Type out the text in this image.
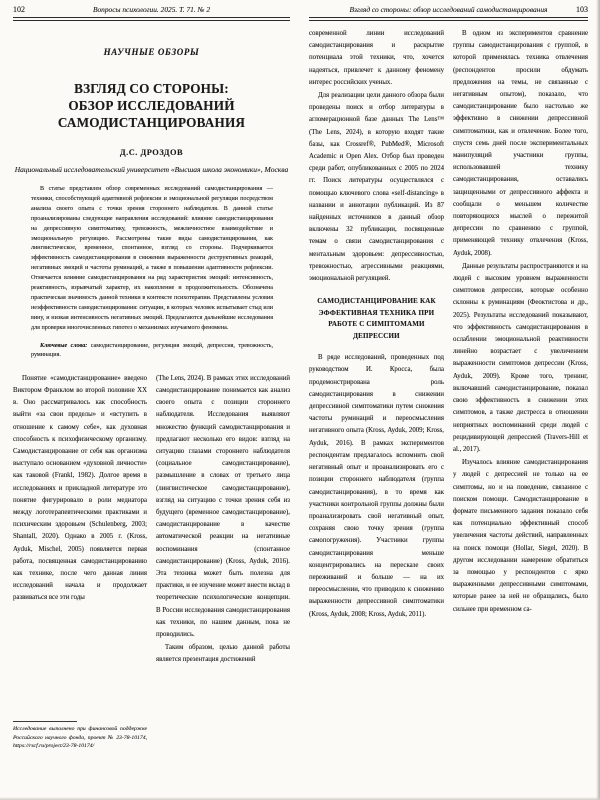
102	Вопросы психологии. 2025. Т. 71. № 2
НАУЧНЫЕ ОБЗОРЫ
ВЗГЛЯД СО СТОРОНЫ:
ОБЗОР ИССЛЕДОВАНИЙ САМОДИСТАНЦИРОВАНИЯ
Д.С. ДРОЗДОВ
Национальный исследовательский университет «Высшая школа экономики», Москва
В статье представлен обзор современных исследований самодистанцирования — техники, способствующей адаптивной рефлексии и эмоциональной регуляции посредством анализа своего опыта с точки зрения стороннего наблюдателя. В данной статье проанализированы следующие направления исследований: влияние самодистанцирования на депрессивную симптоматику, тревожность, межличностное взаимодействие и эмоциональную регуляцию. Рассмотрены такие виды самодистанцирования, как лингвистическое, временное, спонтанное, взгляд со стороны. Подчеркивается эффективность самодистанцирования в снижении выраженности деструктивных реакций, негативных эмоций и частоты руминаций, а также в повышении адаптивности рефлексии. Отмечается влияние самодистанцирования на ряд характеристик эмоций: интенсивность, реактивность, взрывчатый характер, их накопление и продолжительность. Обозначена практическая значимость данной техники в контексте психотерапии. Представлены условия неэффективности самодистанцирования: ситуации, в которых человек испытывает стыд или вину, и низкая интенсивность негативных эмоций. Предлагаются дальнейшие исследования для проверки многочисленных гипотез о механизмах изучаемого феномена.
Ключевые слова: самодистанцирование, регуляция эмоций, депрессия, тревожность, руминация.

Понятие «самодистанцирование» введено Виктором Франклом во второй половине XX в. Оно рассматривалось как способность выйти «за свои пределы» и «вступить в отношение к самому себе», как духовная способность к психофизическому организму. Самодистанцирование от себя как организма выступало основанием «духовной личности» как таковой (Frankl, 1982). Долгое время в исследованиях и прикладной литературе это понятие фигурировало в роли медиатора между логотерапевтическими практиками и психическим здоровьем (Schulenberg, 2003; Shantall, 2020). Однако в 2005 г. (Kross, Ayduk, Mischel, 2005) появляется первая работа, посвященная самодистанцированию как технике, после чего данная линия исследований начала и продолжает развиваться все эти годы

Исследование выполнено при финансовой поддержке Российского научного фонда, проект № 23-78-10174, https://rscf.ru/project/23-78-10174/

(The Lens, 2024). В рамках этих исследований самодистанцирование понимается как анализ своего опыта с позиции стороннего наблюдателя. Исследования выявляют множество функций самодистанцирования и предлагают несколько его видов: взгляд на ситуацию глазами стороннего наблюдателя (социальное самодистанцирование), размышление в словах от третьего лица (лингвистическое самодистанцирование), взгляд на ситуацию с точки зрения себя из будущего (временное самодистанцирование), самодистанцирование в качестве автоматической реакции на негативные воспоминания (спонтанное самодистанцирование) (Kross, Ayduk, 2016). Эта техника может быть полезна для практики, и ее изучение может внести вклад в теоретические психологические концепции. В России исследования самодистанцирования как техники, по нашим данным, пока не проводились.

Таким образом, целью данной работы является презентация достижений

Взгляд со стороны: обзор исследований самодистанцирования	103

современной линии исследований самодистанцирования и раскрытие потенциала этой техники, что, хочется надеяться, привлечет к данному феномену интерес российских ученых.

Для реализации цели данного обзора были проведены поиск и отбор литературы в агломерационной базе данных The Lens™ (The Lens, 2024), в которую входят такие базы, как Crossref®, PubMed®, Microsoft Academic и Open Alex. Отбор был проведен среди работ, опубликованных с 2005 по 2024 гг. Поиск литературы осуществлялся с помощью ключевого слова «self-distancing» в названии и аннотации публикаций. Из 87 найденных источников в данный обзор включены 32 публикации, посвященные темам о связи самодистанцирования с ментальным здоровьем: депрессивностью, тревожностью, агрессивными реакциями, эмоциональной регуляцией.

САМОДИСТАНЦИРОВАНИЕ КАК ЭФФЕКТИВНАЯ ТЕХНИКА ПРИ РАБОТЕ С СИМПТОМАМИ ДЕПРЕССИИ

В ряде исследований, проведенных под руководством И. Кросса, была продемонстрирована роль самодистанцирования в снижении депрессивной симптоматики путем снижения частоты руминаций и переосмысления негативного опыта (Kross, Ayduk, 2009; Kross, Ayduk, 2016). В рамках экспериментов респондентам предлагалось вспомнить свой негативный опыт и проанализировать его с позиции стороннего наблюдателя (группа самодистанцирования), в то время как участники контрольной группы должны были проанализировать свой негативный опыт, сохраняя свою точку зрения (группа самопогружения). Участники группы самодистанцирования меньше концентрировались на пересказе своих переживаний и больше — на их переосмыслении, что приводило к снижению выраженности депрессивной симптоматики (Kross, Ayduk, 2008; Kross, Ayduk, 2011).

В одном из экспериментов сравнение группы самодистанцирования с группой, в которой применялась техника отвлечения (респондентов просили обдумать предложения на темы, не связанные с негативным опытом), показало, что самодистанцирование было настолько же эффективно в снижении депрессивной симптоматики, как и отвлечение. Более того, спустя семь дней после экспериментальных манипуляций участники группы, использовавшей технику самодистанцирования, оставались защищенными от депрессивного аффекта и сообщали о меньшем количестве повторяющихся мыслей о пережитой депрессии по сравнению с группой, применяющей технику отвлечения (Kross, Ayduk, 2008).

Данные результаты распространяются и на людей с высоким уровнем выраженности симптомов депрессии, которые особенно склонны к руминациям (Феоктистова и др., 2025). Результаты исследований показывают, что эффективность самодистанцирования в ослаблении эмоциональной реактивности линейно возрастает с увеличением выраженности симптомов депрессии (Kross, Ayduk, 2009). Кроме того, тренинг, включавший самодистанцирование, показал свою эффективность в снижении этих симптомов, а также дистресса в отношении неприятных воспоминаний среди людей с рецидивирующей депрессией (Travers-Hill et al., 2017).

Изучалось влияние самодистанцирования у людей с депрессией не только на ее симптомы, но и на поведение, связанное с поиском помощи. Самодистанцирование в формате письменного задания показало себя как потенциально эффективный способ увеличения частоты действий, направленных на поиск помощи (Hollar, Siegel, 2020). В другом исследовании намерение обратиться за помощью у респондентов с ярко выраженными депрессивными симптомами, которые ранее за ней не обращались, было сильнее при временном са-
